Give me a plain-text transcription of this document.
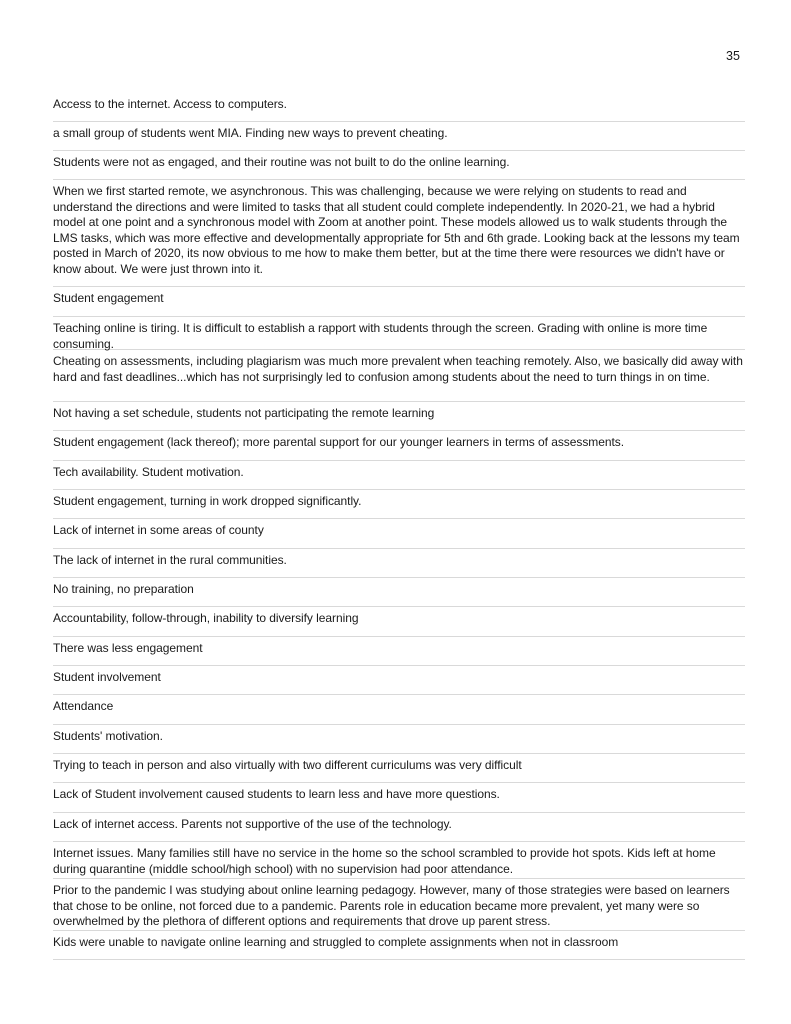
35
Access to the internet. Access to computers.
a small group of students went MIA. Finding new ways to prevent cheating.
Students were not as engaged, and their routine was not built to do the online learning.
When we first started remote, we asynchronous. This was challenging, because we were relying on students to read and understand the directions and were limited to tasks that all student could complete independently. In 2020-21, we had a hybrid model at one point and a synchronous model with Zoom at another point. These models allowed us to walk students through the LMS tasks, which was more effective and developmentally appropriate for 5th and 6th grade. Looking back at the lessons my team posted in March of 2020, its now obvious to me how to make them better, but at the time there were resources we didn't have or know about. We were just thrown into it.
Student engagement
Teaching online is tiring. It is difficult to establish a rapport with students through the screen. Grading with online is more time consuming.
Cheating on assessments, including plagiarism was much more prevalent when teaching remotely. Also, we basically did away with hard and fast deadlines...which has not surprisingly led to confusion among students about the need to turn things in on time.
Not having a set schedule, students not participating the remote learning
Student engagement (lack thereof); more parental support for our younger learners in terms of assessments.
Tech availability. Student motivation.
Student engagement, turning in work dropped significantly.
Lack of internet in some areas of county
The lack of internet in the rural communities.
No training, no preparation
Accountability, follow-through, inability to diversify learning
There was less engagement
Student involvement
Attendance
Students' motivation.
Trying to teach in person and also virtually with two different curriculums was very difficult
Lack of Student involvement caused students to learn less and have more questions.
Lack of internet access. Parents not supportive of the use of the technology.
Internet issues. Many families still have no service in the home so the school scrambled to provide hot spots. Kids left at home during quarantine (middle school/high school) with no supervision had poor attendance.
Prior to the pandemic I was studying about online learning pedagogy. However, many of those strategies were based on learners that chose to be online, not forced due to a pandemic. Parents role in education became more prevalent, yet many were so overwhelmed by the plethora of different options and requirements that drove up parent stress.
Kids were unable to navigate online learning and struggled to complete assignments when not in classroom
